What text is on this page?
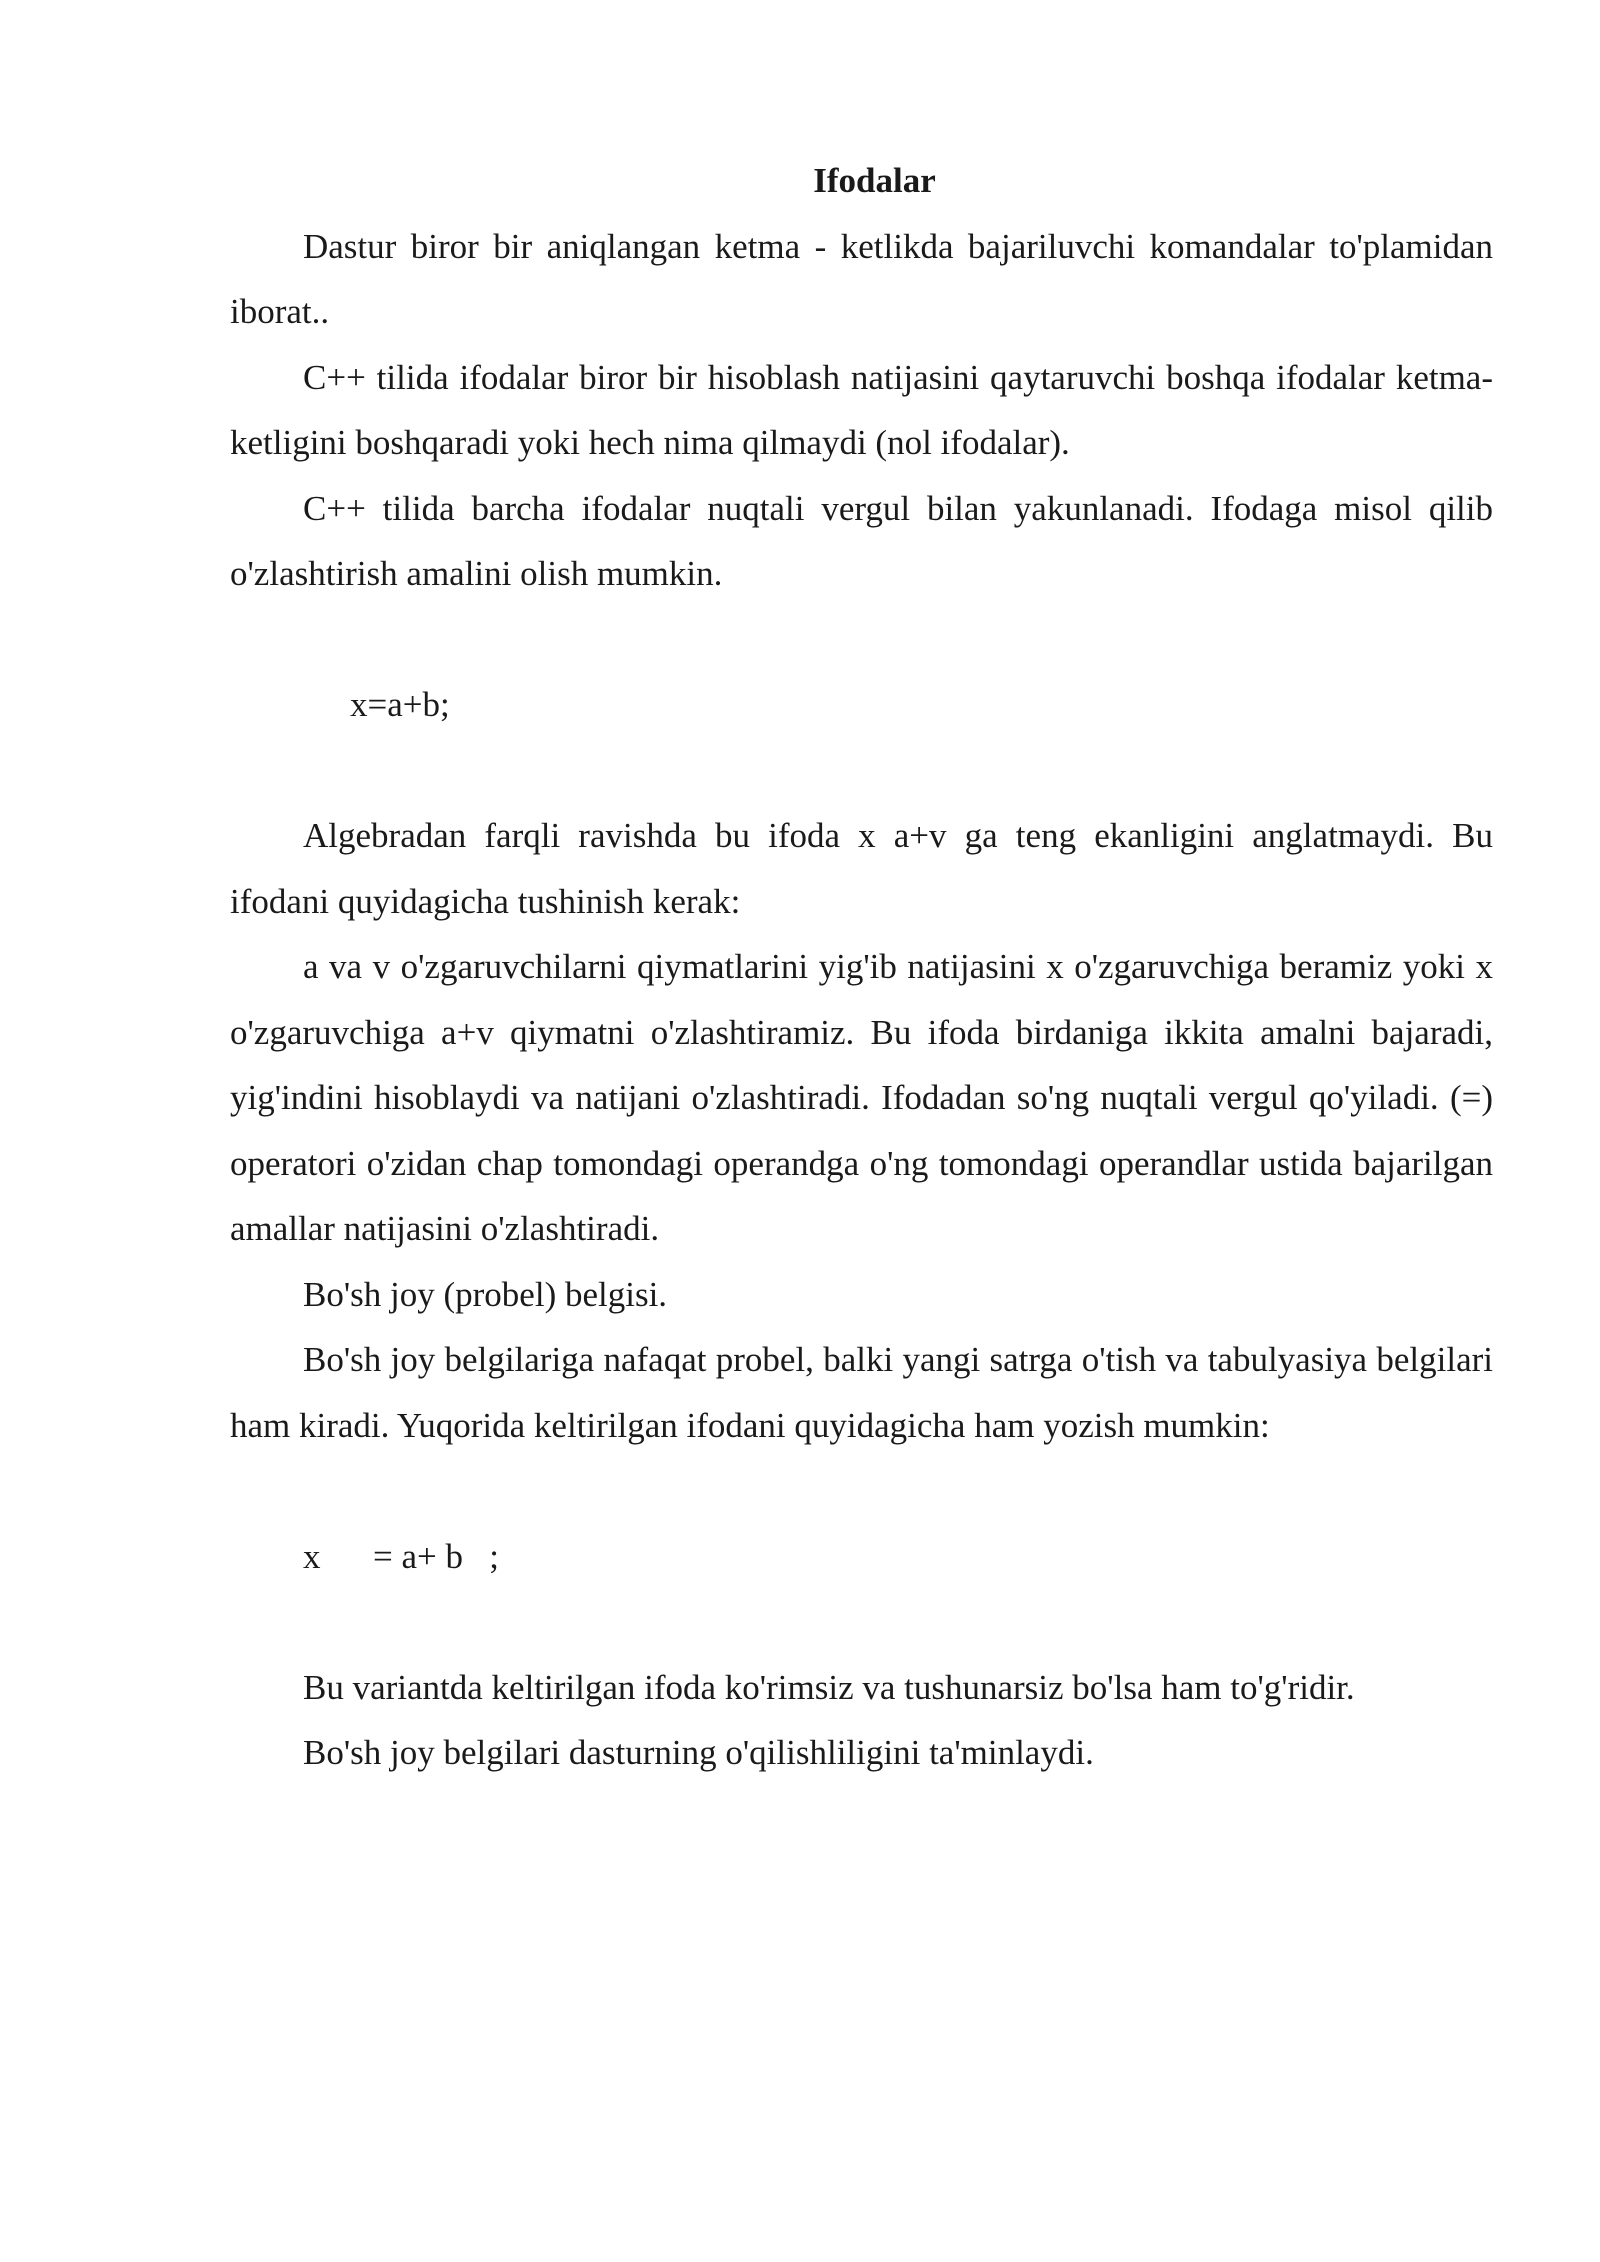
Ifodalar

Dastur biror bir aniqlangan ketma - ketlikda bajariluvchi komandalar to'plamidan iborat..

C++ tilida ifodalar biror bir hisoblash natijasini qaytaruvchi boshqa ifodalar ketma-ketligini boshqaradi yoki hech nima qilmaydi (nol ifodalar).

C++ tilida barcha ifodalar nuqtali vergul bilan yakunlanadi. Ifodaga misol qilib o'zlashtirish amalini olish mumkin.

x=a+b;

Algebradan farqli ravishda bu ifoda x a+v ga teng ekanligini anglatmaydi. Bu ifodani quyidagicha tushinish kerak:

a va v o'zgaruvchilarni qiymatlarini yig'ib natijasini x o'zgaruvchiga beramiz yoki x o'zgaruvchiga a+v qiymatni o'zlashtiramiz. Bu ifoda birdaniga ikkita amalni bajaradi, yig'indini hisoblaydi va natijani o'zlashtiradi. Ifodadan so'ng nuqtali vergul qo'yiladi. (=) operatori o'zidan chap tomondagi operandga o'ng tomondagi operandlar ustida bajarilgan amallar natijasini o'zlashtiradi.

Bo'sh joy (probel) belgisi.

Bo'sh joy belgilariga nafaqat probel, balki yangi satrga o'tish va tabulyasiya belgilari ham kiradi. Yuqorida keltirilgan ifodani quyidagicha ham yozish mumkin:

x      = a+ b   ;

Bu variantda keltirilgan ifoda ko'rimsiz va tushunarsiz bo'lsa ham to'g'ridir.

Bo'sh joy belgilari dasturning o'qilishliligini ta'minlaydi.
